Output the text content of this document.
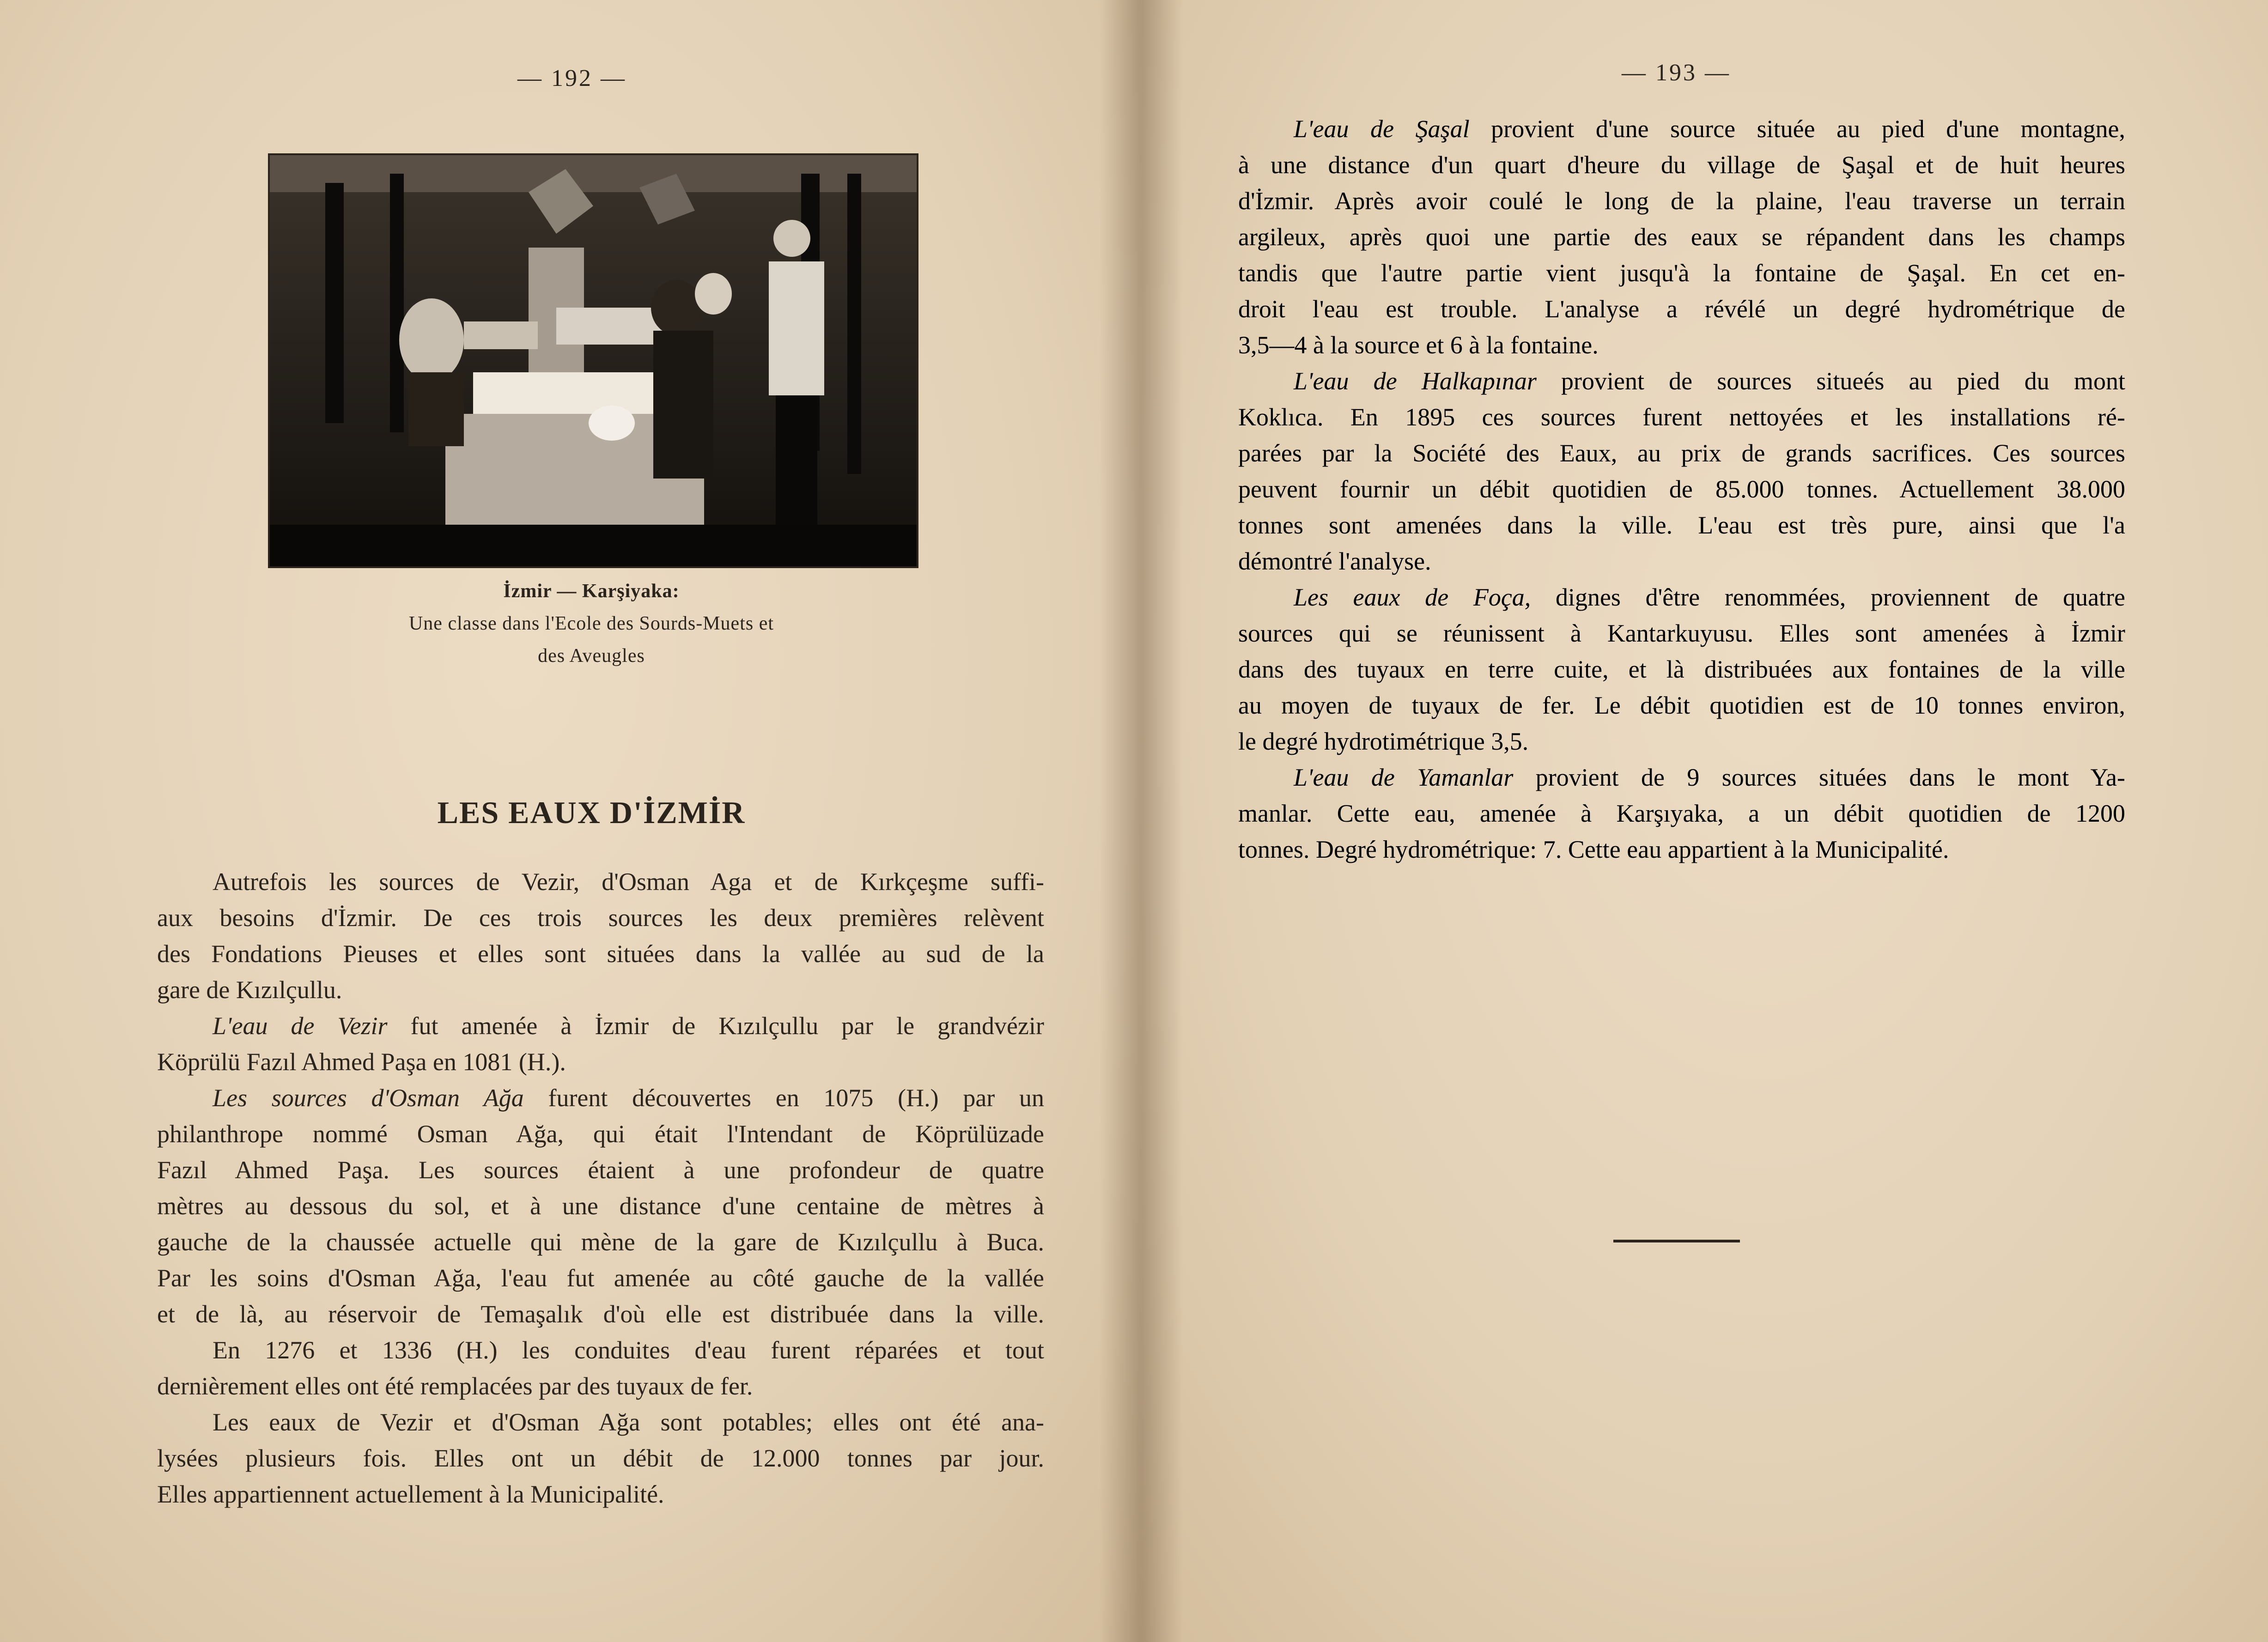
— 192 —
İzmir — Karşiyaka:
Une classe dans l'Ecole des Sourds-Muets et
des Aveugles
LES EAUX D'İZMİR
Autrefois les sources de Vezir, d'Osman Aga et de Kırkçeşme suffi-
aux besoins d'İzmir. De ces trois sources les deux premières relèvent
des Fondations Pieuses et elles sont situées dans la vallée au sud de la
gare de Kızılçullu.
L'eau de Vezir fut amenée à İzmir de Kızılçullu par le grandvézir
Köprülü Fazıl Ahmed Paşa en 1081 (H.).
Les sources d'Osman Ağa furent découvertes en 1075 (H.) par un
philanthrope nommé Osman Ağa, qui était l'Intendant de Köprülüzade
Fazıl Ahmed Paşa. Les sources étaient à une profondeur de quatre
mètres au dessous du sol, et à une distance d'une centaine de mètres à
gauche de la chaussée actuelle qui mène de la gare de Kızılçullu à Buca.
Par les soins d'Osman Ağa, l'eau fut amenée au côté gauche de la vallée
et de là, au réservoir de Temaşalık d'où elle est distribuée dans la ville.
En 1276 et 1336 (H.) les conduites d'eau furent réparées et tout
dernièrement elles ont été remplacées par des tuyaux de fer.
Les eaux de Vezir et d'Osman Ağa sont potables; elles ont été ana-
lysées plusieurs fois. Elles ont un débit de 12.000 tonnes par jour.
Elles appartiennent actuellement à la Municipalité.
— 193 —
L'eau de Şaşal provient d'une source située au pied d'une montagne,
à une distance d'un quart d'heure du village de Şaşal et de huit heures
d'İzmir. Après avoir coulé le long de la plaine, l'eau traverse un terrain
argileux, après quoi une partie des eaux se répandent dans les champs
tandis que l'autre partie vient jusqu'à la fontaine de Şaşal. En cet en-
droit l'eau est trouble. L'analyse a révélé un degré hydrométrique de
3,5—4 à la source et 6 à la fontaine.
L'eau de Halkapınar provient de sources situeés au pied du mont
Koklıca. En 1895 ces sources furent nettoyées et les installations ré-
parées par la Société des Eaux, au prix de grands sacrifices. Ces sources
peuvent fournir un débit quotidien de 85.000 tonnes. Actuellement 38.000
tonnes sont amenées dans la ville. L'eau est très pure, ainsi que l'a
démontré l'analyse.
Les eaux de Foça, dignes d'être renommées, proviennent de quatre
sources qui se réunissent à Kantarkuyusu. Elles sont amenées à İzmir
dans des tuyaux en terre cuite, et là distribuées aux fontaines de la ville
au moyen de tuyaux de fer. Le débit quotidien est de 10 tonnes environ,
le degré hydrotimétrique 3,5.
L'eau de Yamanlar provient de 9 sources situées dans le mont Ya-
manlar. Cette eau, amenée à Karşıyaka, a un débit quotidien de 1200
tonnes. Degré hydrométrique: 7. Cette eau appartient à la Municipalité.
